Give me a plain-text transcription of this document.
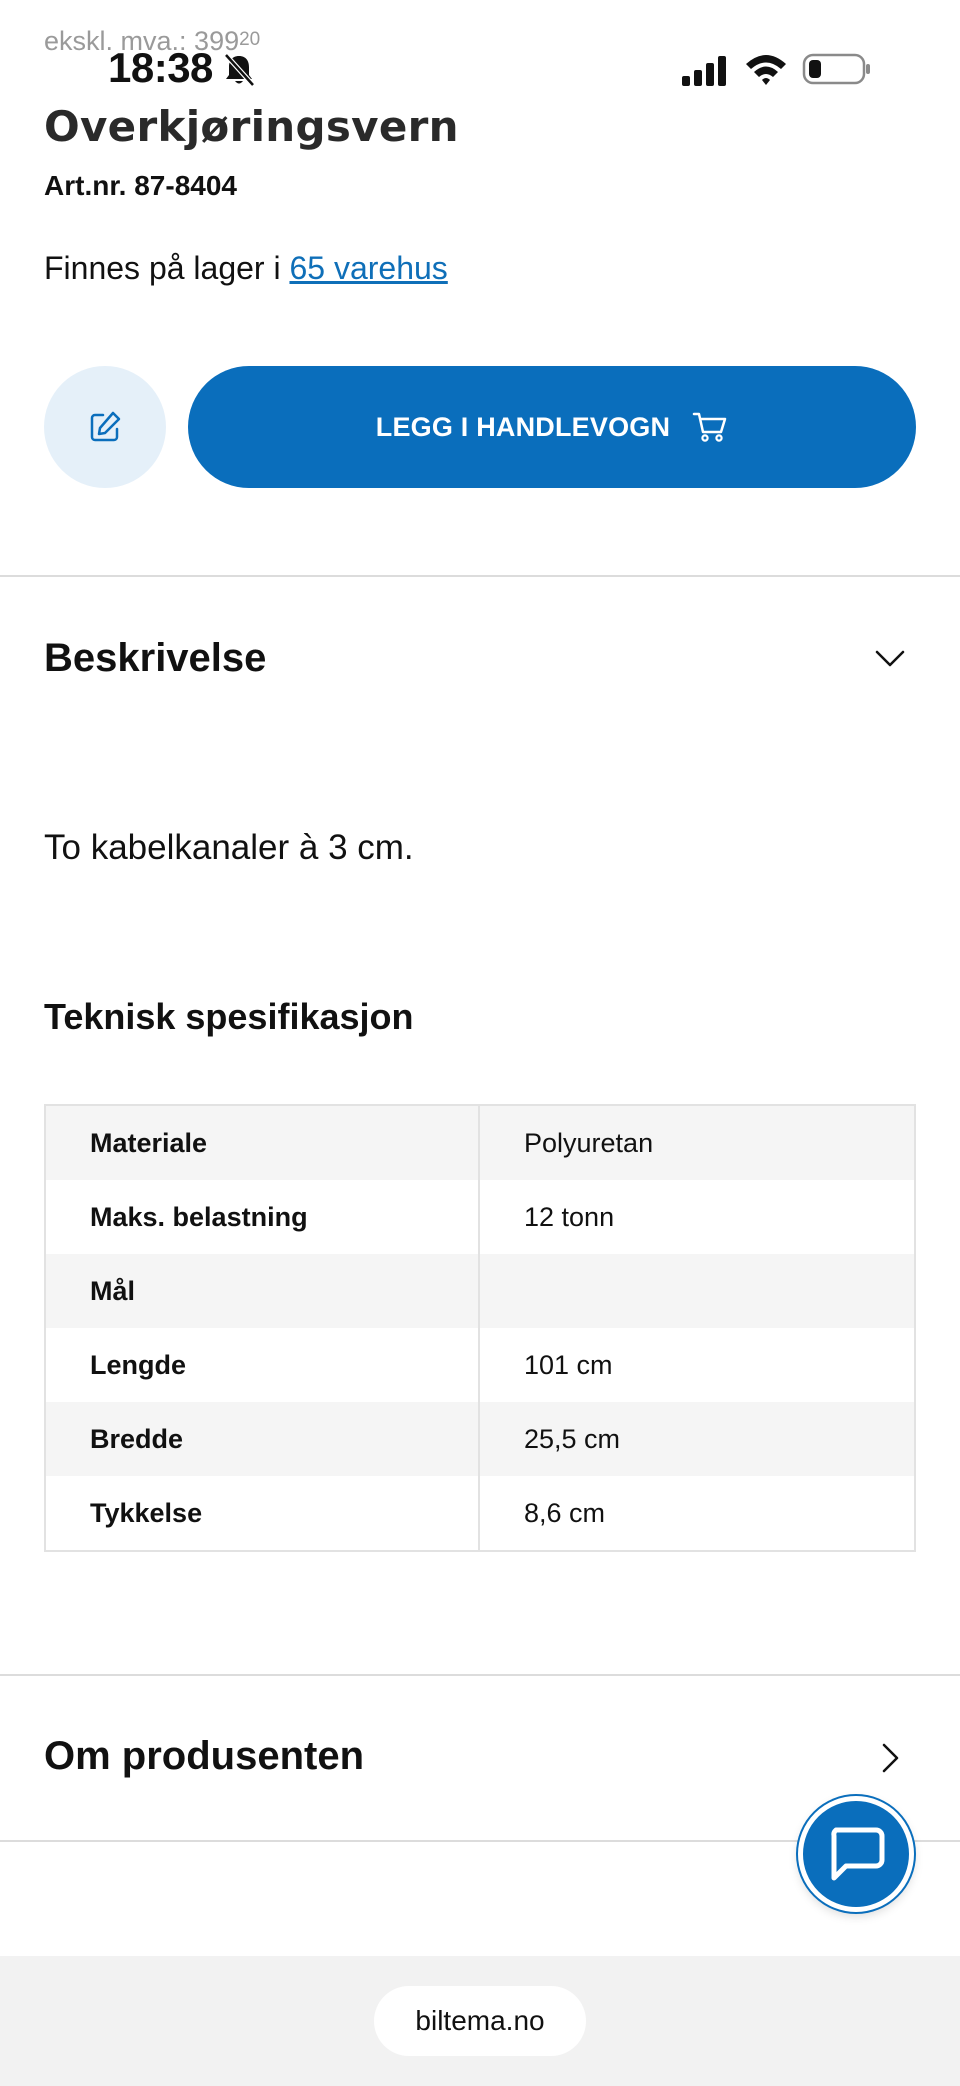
ekskl. mva.: $399^{20}$
18:38
Overkjøringsvern
Art.nr. 87-8404
Finnes på lager i 65 varehus
LEGG I HANDLEVOGN
Beskrivelse
To kabelkanaler à 3 cm.
Teknisk spesifikasjon
Materiale	Polyuretan
Maks. belastning	12 tonn
Mål
Lengde	101 cm
Bredde	25,5 cm
Tykkelse	8,6 cm
Om produsenten
biltema.no
